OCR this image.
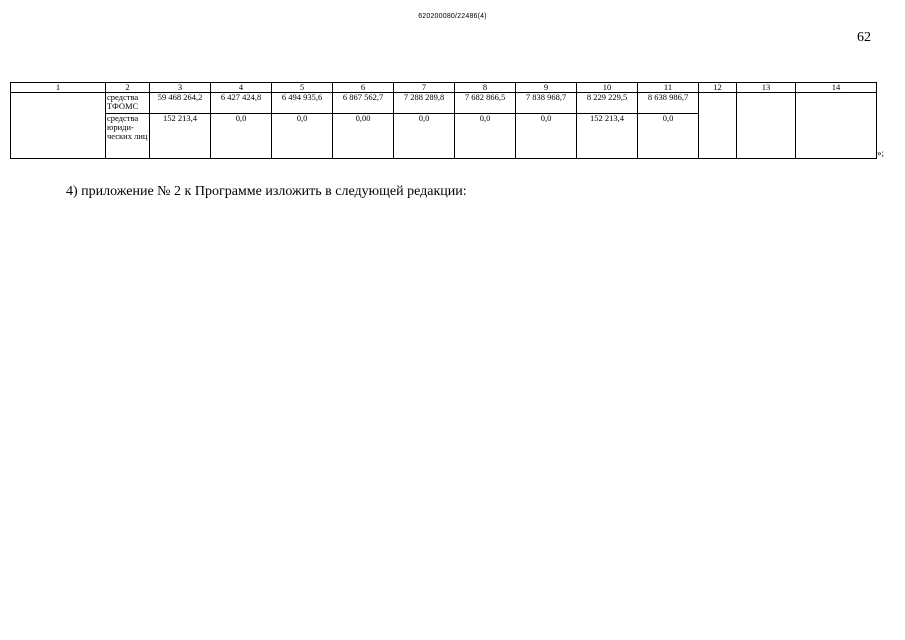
620200080/22486(4)
62
1	2	3	4	5	6	7	8	9	10	11	12	13	14
	средства ТФОМС	59 468 264,2	6 427 424,8	6 494 935,6	6 867 562,7	7 288 289,8	7 682 866,5	7 838 968,7	8 229 229,5	8 638 986,7			
	средства юриди-ческих лиц	152 213,4	0,0	0,0	0,00	0,0	0,0	0,0	152 213,4	0,0			
»;
4) приложение № 2 к Программе изложить в следующей редакции:
